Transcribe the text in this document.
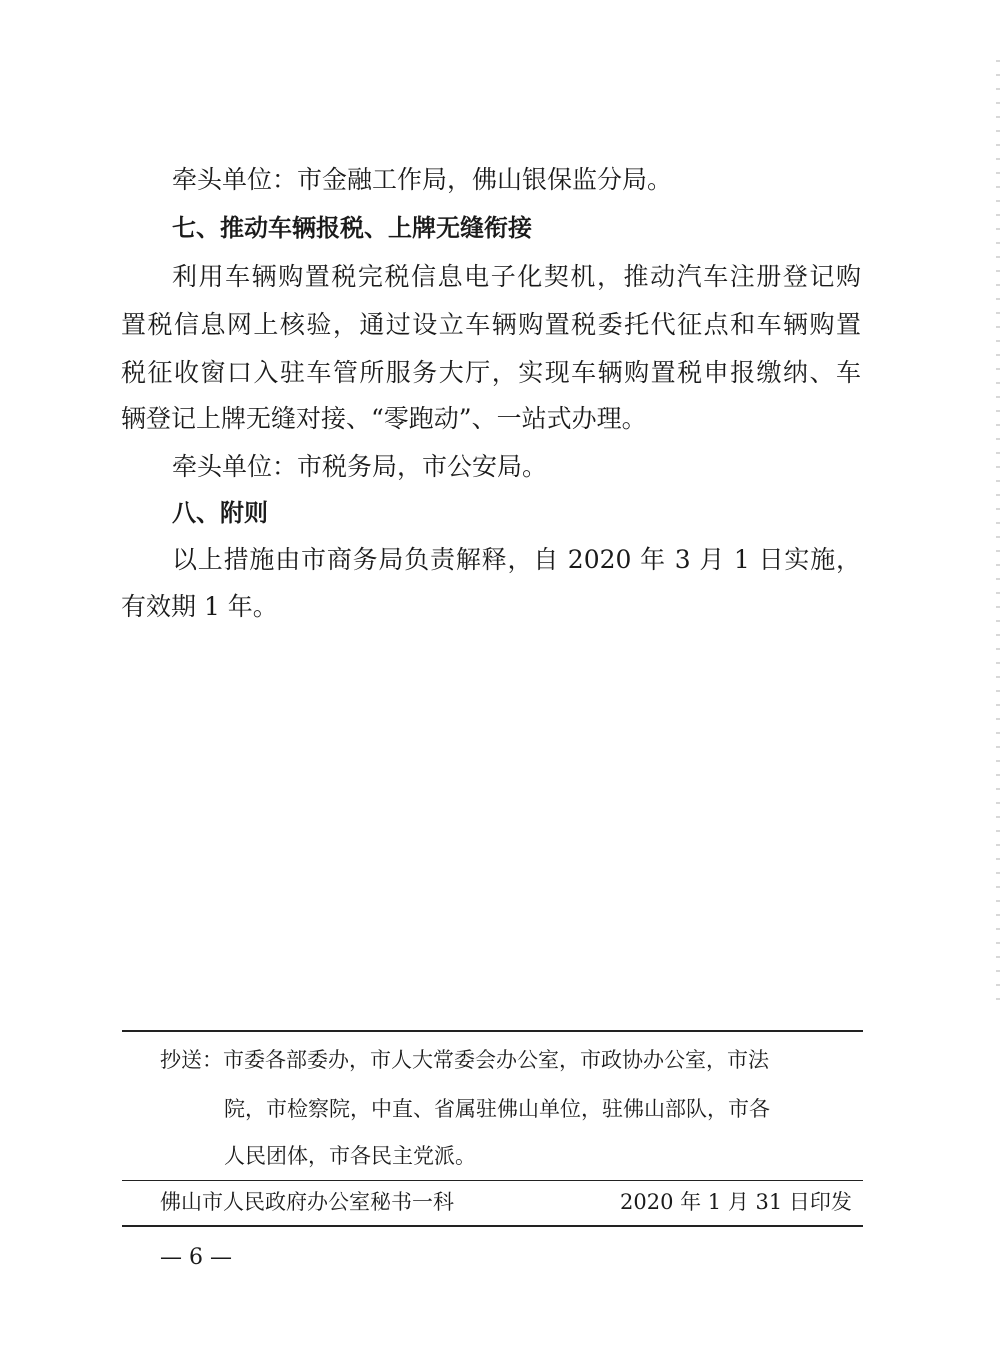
牵头单位：市金融工作局，佛山银保监分局。
七、推动车辆报税、上牌无缝衔接
利用车辆购置税完税信息电子化契机，推动汽车注册登记购
置税信息网上核验，通过设立车辆购置税委托代征点和车辆购置
税征收窗口入驻车管所服务大厅，实现车辆购置税申报缴纳、车
辆登记上牌无缝对接、“零跑动”、一站式办理。
牵头单位：市税务局，市公安局。
八、附则
以上措施由市商务局负责解释，自 2020 年 3 月 1 日实施，
有效期 1 年。
抄送：市委各部委办，市人大常委会办公室，市政协办公室，市法
院，市检察院，中直、省属驻佛山单位，驻佛山部队，市各
人民团体，市各民主党派。
佛山市人民政府办公室秘书一科	2020 年 1 月 31 日印发
— 6 —
